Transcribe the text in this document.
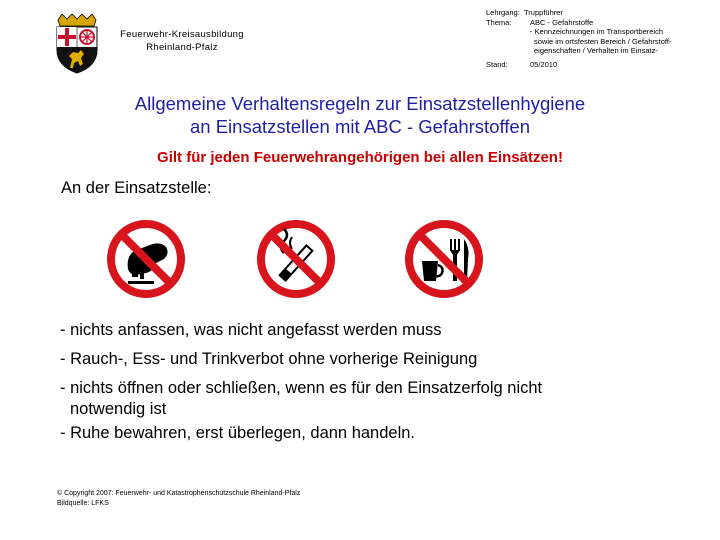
Feuerwehr-Kreisausbildung
Rheinland-Pfalz
Lehrgang: Truppführer
Thema: ABC - Gefahrstoffe
- Kennzeichnungen im Transportbereich
sowie im ortsfesten Bereich / Gefahrstoff-
eigenschaften / Verhalten im Einsatz-
Stand:	05/2010
Allgemeine Verhaltensregeln zur Einsatzstellenhygiene
an Einsatzstellen mit ABC - Gefahrstoffen
Gilt für jeden Feuerwehrangehörigen bei allen Einsätzen!
An der Einsatzstelle:
- nichts anfassen, was nicht angefasst werden muss
- Rauch-, Ess- und Trinkverbot ohne vorherige Reinigung
- nichts öffnen oder schließen, wenn es für den Einsatzerfolg nicht
notwendig ist
- Ruhe bewahren, erst überlegen, dann handeln.
© Copyright 2007: Feuerwehr- und Katastrophenschutzschule Rheinland-Pfalz
Bildquelle: LFKS
